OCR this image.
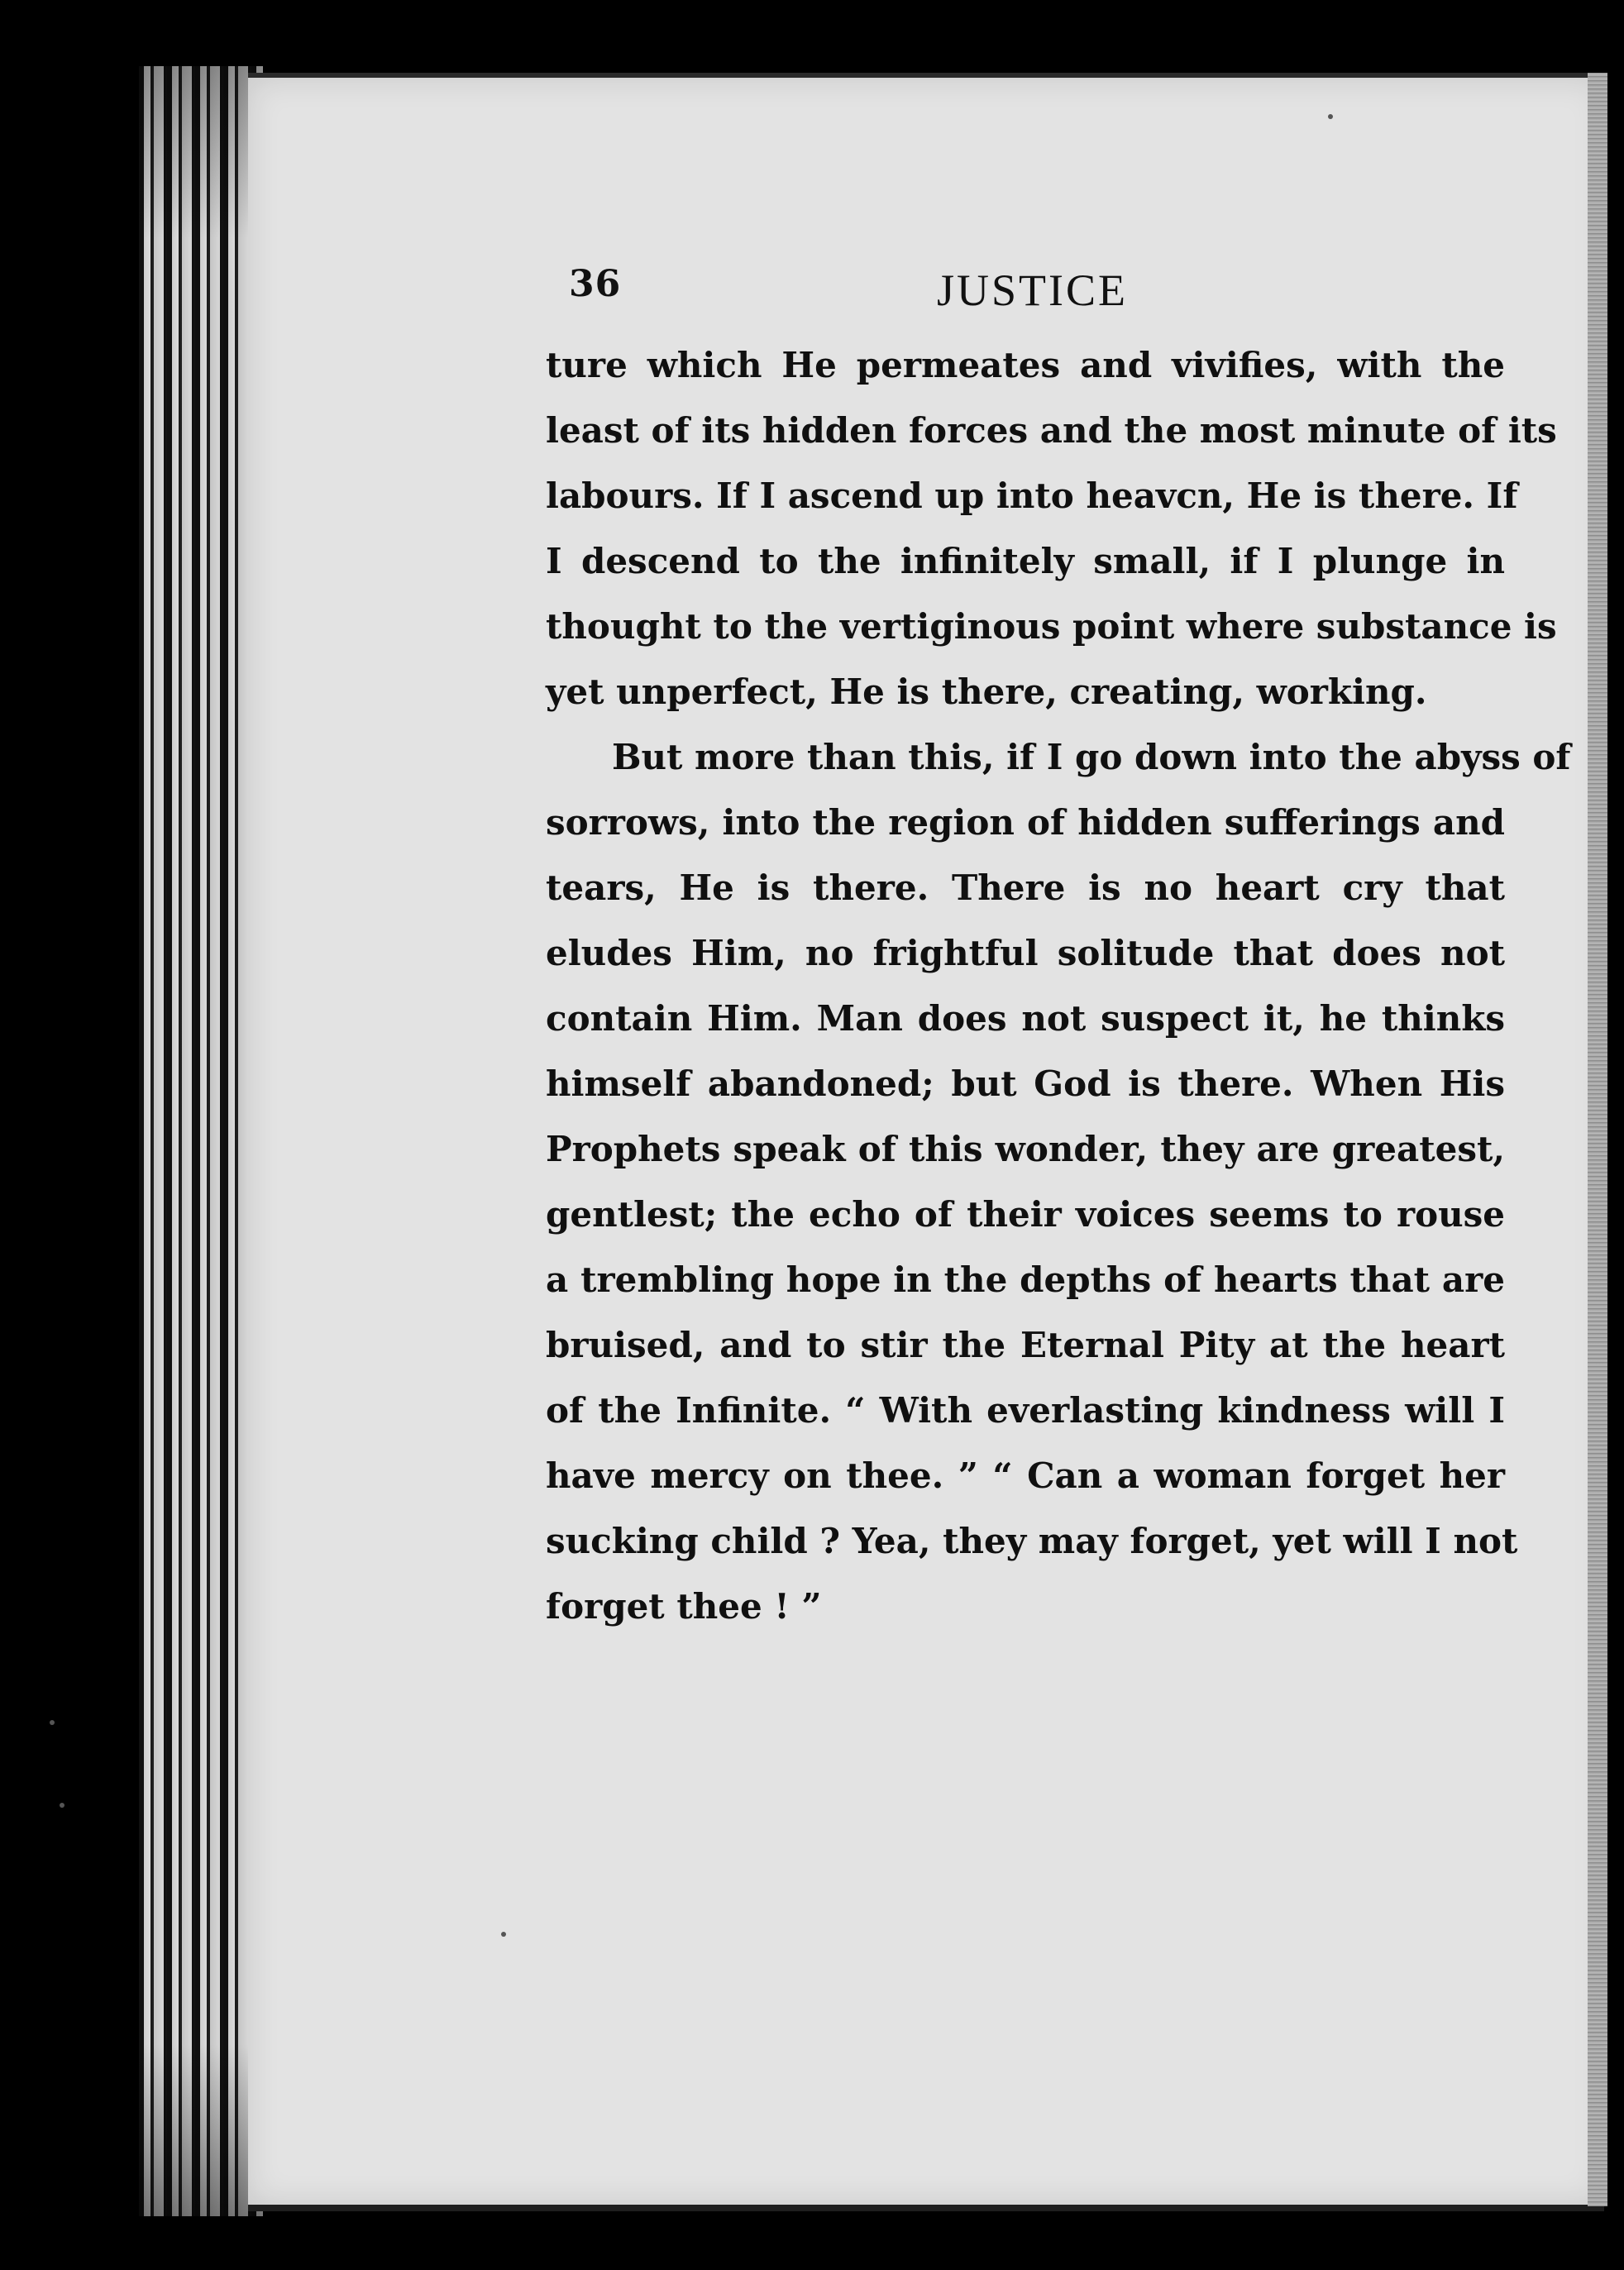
36	JUSTICE
ture which He permeates and vivifies, with the
least of its hidden forces and the most minute of its
labours. If I ascend up into heavcn, He is there. If
I descend to the infinitely small, if I plunge in
thought to the vertiginous point where substance is
yet unperfect, He is there, creating, working.
But more than this, if I go down into the abyss of
sorrows, into the region of hidden sufferings and
tears, He is there. There is no heart cry that
eludes Him, no frightful solitude that does not
contain Him. Man does not suspect it, he thinks
himself abandoned; but God is there. When His
Prophets speak of this wonder, they are greatest,
gentlest; the echo of their voices seems to rouse
a trembling hope in the depths of hearts that are
bruised, and to stir the Eternal Pity at the heart
of the Infinite. “ With everlasting kindness will I
have mercy on thee. ” “ Can a woman forget her
sucking child ? Yea, they may forget, yet will I not
forget thee ! ”
